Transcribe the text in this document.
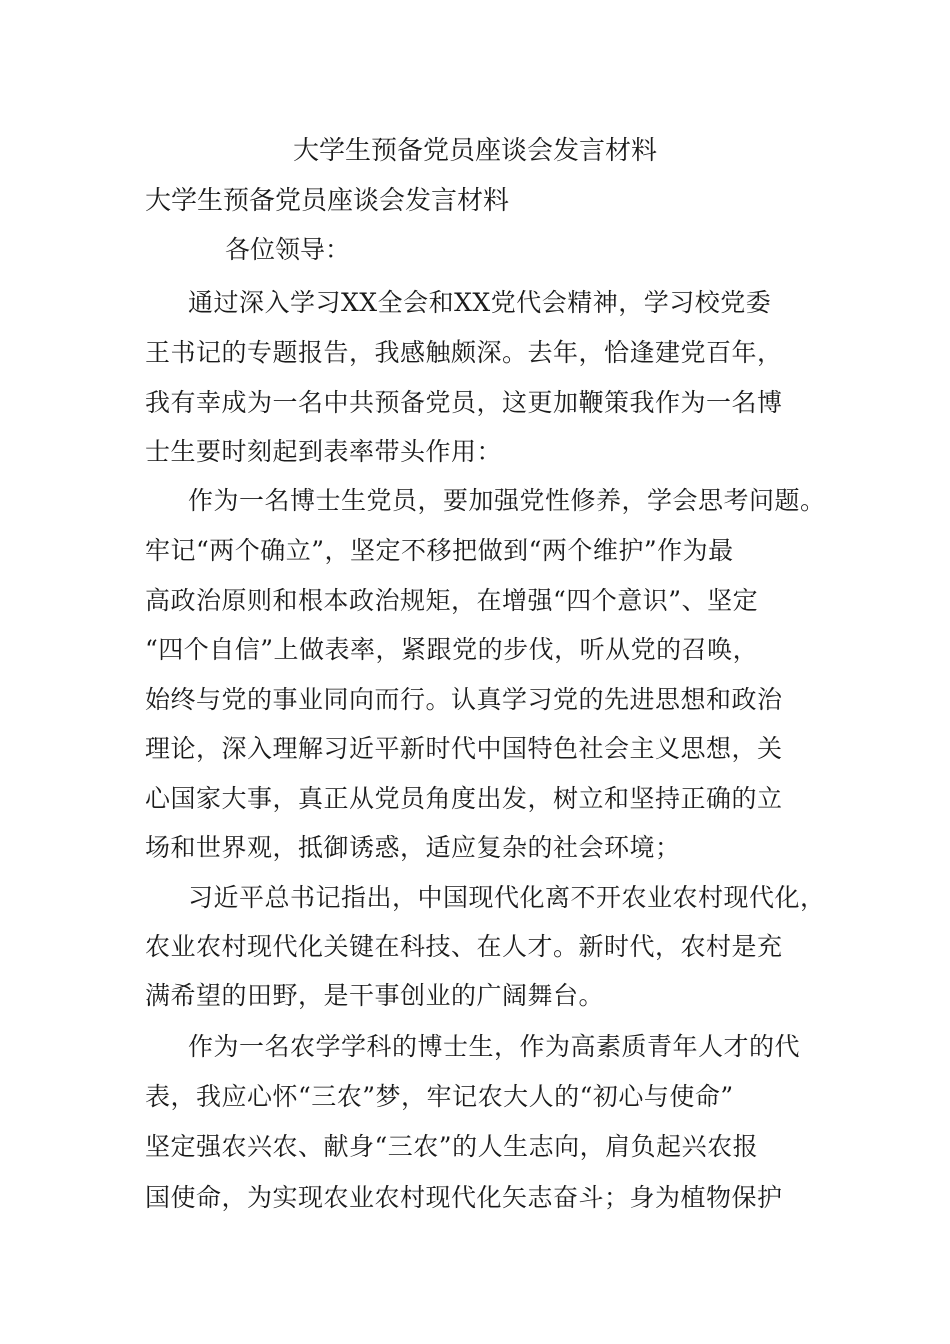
大学生预备党员座谈会发言材料
大学生预备党员座谈会发言材料
各位领导：
通过深入学习XX全会和XX党代会精神，学习校党委
王书记的专题报告，我感触颇深。去年，恰逢建党百年，
我有幸成为一名中共预备党员，这更加鞭策我作为一名博
士生要时刻起到表率带头作用：
作为一名博士生党员，要加强党性修养，学会思考问题。
牢记“两个确立”，坚定不移把做到“两个维护”作为最
高政治原则和根本政治规矩，在增强“四个意识”、坚定
“四个自信”上做表率，紧跟党的步伐，听从党的召唤，
始终与党的事业同向而行。认真学习党的先进思想和政治
理论，深入理解习近平新时代中国特色社会主义思想，关
心国家大事，真正从党员角度出发，树立和坚持正确的立
场和世界观，抵御诱惑，适应复杂的社会环境；
习近平总书记指出，中国现代化离不开农业农村现代化，
农业农村现代化关键在科技、在人才。新时代，农村是充
满希望的田野，是干事创业的广阔舞台。
作为一名农学学科的博士生，作为高素质青年人才的代
表，我应心怀“三农”梦，牢记农大人的“初心与使命”
坚定强农兴农、献身“三农”的人生志向，肩负起兴农报
国使命，为实现农业农村现代化矢志奋斗；身为植物保护
